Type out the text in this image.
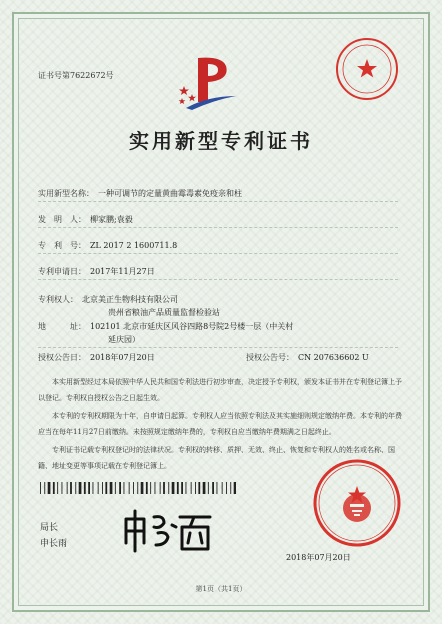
证书号第7622672号
实用新型专利证书
实用新型名称： 一种可调节的定量黄曲霉毒素免疫亲和柱
发　明　人： 柳家鹏;袁毅
专　利　号： ZL 2017 2 1600711.8
专利申请日： 2017年11月27日
专利权人： 北京美正生物科技有限公司
贵州省粮油产品质量监督检验站
地　　　址： 102101 北京市延庆区风谷四路8号院2号楼一层（中关村
延庆园）
授权公告日： 2018年07月20日	授权公告号： CN 207636602 U
本实用新型经过本局依照中华人民共和国专利法进行初步审查，决定授予专利权，颁发本证书并在专利登记簿上予以登记。专利权自授权公告之日起生效。
本专利的专利权期限为十年，自申请日起算。专利权人应当依照专利法及其实施细则规定缴纳年费。本专利的年费应当在每年11月27日前缴纳。未按照规定缴纳年费的，专利权自应当缴纳年费期满之日起终止。
专利证书记载专利权登记时的法律状况。专利权的转移、质押、无效、终止、恢复和专利权人的姓名或名称、国籍、地址变更等事项记载在专利登记簿上。
局长
申长雨
2018年07月20日
第1页（共1页）
